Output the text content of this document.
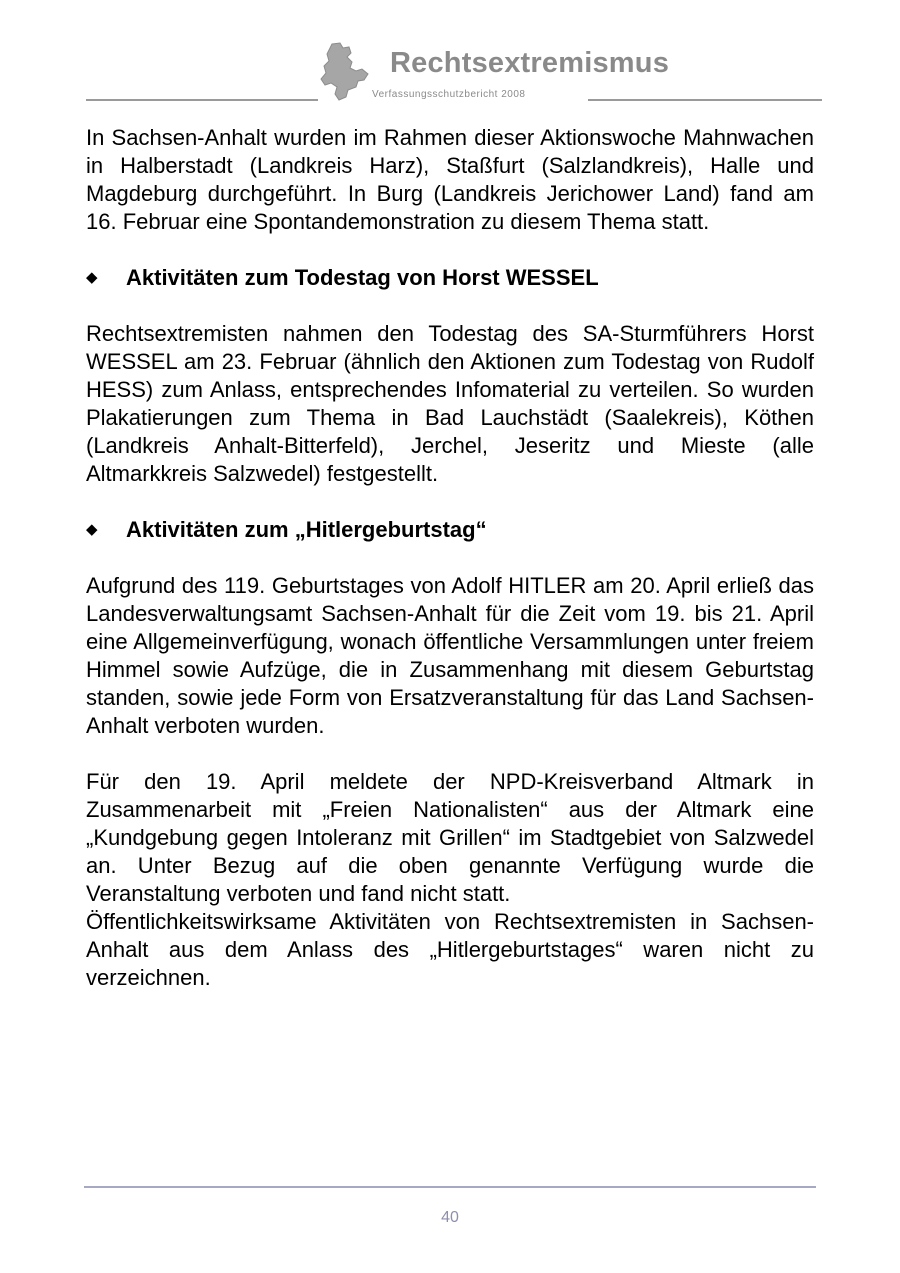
Rechtsextremismus
Verfassungsschutzbericht 2008

In Sachsen-Anhalt wurden im Rahmen dieser Aktionswoche Mahnwachen in Halberstadt (Landkreis Harz), Staßfurt (Salzlandkreis), Halle und Magdeburg durchgeführt. In Burg (Landkreis Jerichower Land) fand am 16. Februar eine Spontandemonstration zu diesem Thema statt.

◆	Aktivitäten zum Todestag von Horst WESSEL

Rechtsextremisten nahmen den Todestag des SA-Sturmführers Horst WESSEL am 23. Februar (ähnlich den Aktionen zum Todestag von Rudolf HESS) zum Anlass, entsprechendes Infomaterial zu verteilen. So wurden Plakatierungen zum Thema in Bad Lauchstädt (Saalekreis), Köthen (Landkreis Anhalt-Bitterfeld), Jerchel, Jeseritz und Mieste (alle Altmarkkreis Salzwedel) festgestellt.

◆	Aktivitäten zum „Hitlergeburtstag“

Aufgrund des 119. Geburtstages von Adolf HITLER am 20. April erließ das Landesverwaltungsamt Sachsen-Anhalt für die Zeit vom 19. bis 21. April eine Allgemeinverfügung, wonach öffentliche Versammlungen unter freiem Himmel sowie Aufzüge, die in Zusammenhang mit diesem Geburtstag standen, sowie jede Form von Ersatzveranstaltung für das Land Sachsen-Anhalt verboten wurden.

Für den 19. April meldete der NPD-Kreisverband Altmark in Zusammenarbeit mit „Freien Nationalisten“ aus der Altmark eine „Kundgebung gegen Intoleranz mit Grillen“ im Stadtgebiet von Salzwedel an. Unter Bezug auf die oben genannte Verfügung wurde die Veranstaltung verboten und fand nicht statt.

Öffentlichkeitswirksame Aktivitäten von Rechtsextremisten in Sachsen-Anhalt aus dem Anlass des „Hitlergeburtstages“ waren nicht zu verzeichnen.

40
